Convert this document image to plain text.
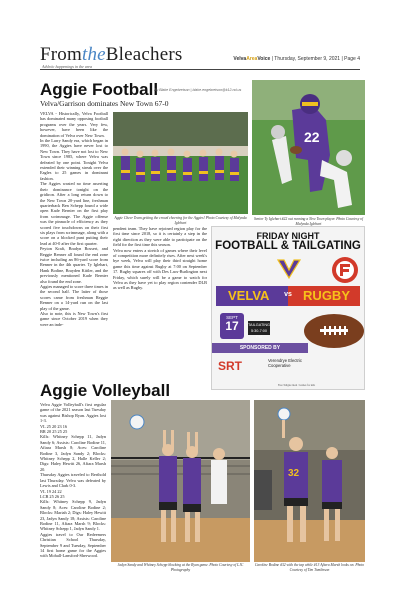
FromtheBleachers
Athletic happenings in the area
VelvaAreaVoice | Thursday, September 9, 2021 | Page 4
Aggie Football
By Blake Engebretson | blake.engebretson@k12.nd.us
Velva/Garrison dominates New Town 67-0
VELVA - Historically, Velva Football has dominated many opposing football programs over the years. Very few, however, have been like the domination of Velva over New Town.
In the Larry Sandy era, which began in 1990, the Aggies have never lost to New Town. They have not lost to New Town since 1985, where Velva was defeated by one point. Tonight Velva extended their winning streak over the Eagles to 25 games in dominant fashion.
The Aggies wasted no time asserting their dominance tonight on the gridiron. After a long return down to the New Town 20-yard line, freshman quarterback Ben Schepp found a wide open Kade Bernier on the first play from scrimmage. The Aggie offense was the pinnacle of efficiency as they scored five touchdowns on their first six plays from scrimmage, along with a score on a blocked punt putting their lead at 40-0 after the first quarter.
Peyton Kraft, Bradyn Bossert, and Reggie Renner all found the end zone twice including an 86-yard score from Renner in the 4th quarter. Ty Iglehart, Hank Bodine, Brayden Kittler, and the previously mentioned Kade Bernier also found the end zone.
Aggies managed to score three times in the second half. The latter of those scores came from freshman Reggie Renner on a 14-yard run on the last play of the game.
Also to note, this is New Town's first game since October 2019 when they were an inde-
Aggie Cheer Team getting the crowd cheering for the Aggies! Photo Courtesy of Malynda Iglehart
22
Senior Ty Iglehart #22 out running a New Town player. Photo Courtesy of Malynda Iglehart
pendent team. They have rejoined region play for the first time since 2018, so it is certainly a step in the right direction as they were able to participate on the field for the first time this season.
Velva now enters a stretch of games where their level of competition more definitely rises. After next week's bye week, Velva will play their third straight home game this time against Rugby at 7:00 on September 17. Rugby squares off with Des Lacs-Burlington next Friday, which surely will be a game to watch for Velva as they have yet to play region contender DLB as well as Rugby.
FRIDAY NIGHT
FOOTBALL & TAILGATING
VELVA vs RUGBY
SEPT
17	TAILGATING 5:30-7:00 PM
SPONSORED BY
SRT	Verendrye Electric Cooperative
Free Tailgate meal / Games for kids
Aggie Volleyball
Velva Aggie Volleyball's first regular game of the 2021 season last Tuesday was against Bishop Ryan. Aggies lost 1-3.
VL 25 20 23 16
BR 20 25 25 25
Kills: Whitney Schepp 11, Jadyn Sandy 6; Assists: Caroline Bodine 11, Afiara Marsh 8; Aces: Caroline Bodine 3, Jadyn Sandy 2; Blocks: Whitney Schepp 2, Halle Keller 2; Digs: Haley Hewitt 26, Afiara Marsh 20.
Thursday Aggies traveled to Berthold last Thursday. Velva was defeated by Lewis and Clark 0-3.
VL 19 24 22
LCB 25 26 25
Kills: Whitney Schepp 9, Jadyn Sandy 8; Aces: Caroline Bodine 2; Blocks: Mariah 2; Digs: Haley Hewitt 23, Jadyn Sandy 18; Assists: Caroline Bodine 11, Afiara Marsh 9; Blocks: Whitney Schepp 1, Jadyn Sandy 1.
Aggies travel to Our Redeemers Christian School Thursday, September 9 and Tuesday, September 14 first home game for the Aggies with Mohall-Lansford-Sherwood.
Jadyn Sandy and Whitney Schepp blocking at the Ryan game. Photo Courtesy of LJC Photography
32
Caroline Bodine #32 with the tap while #13 Afiara Marsh looks on. Photo Courtesy of Tim Tomlinson
